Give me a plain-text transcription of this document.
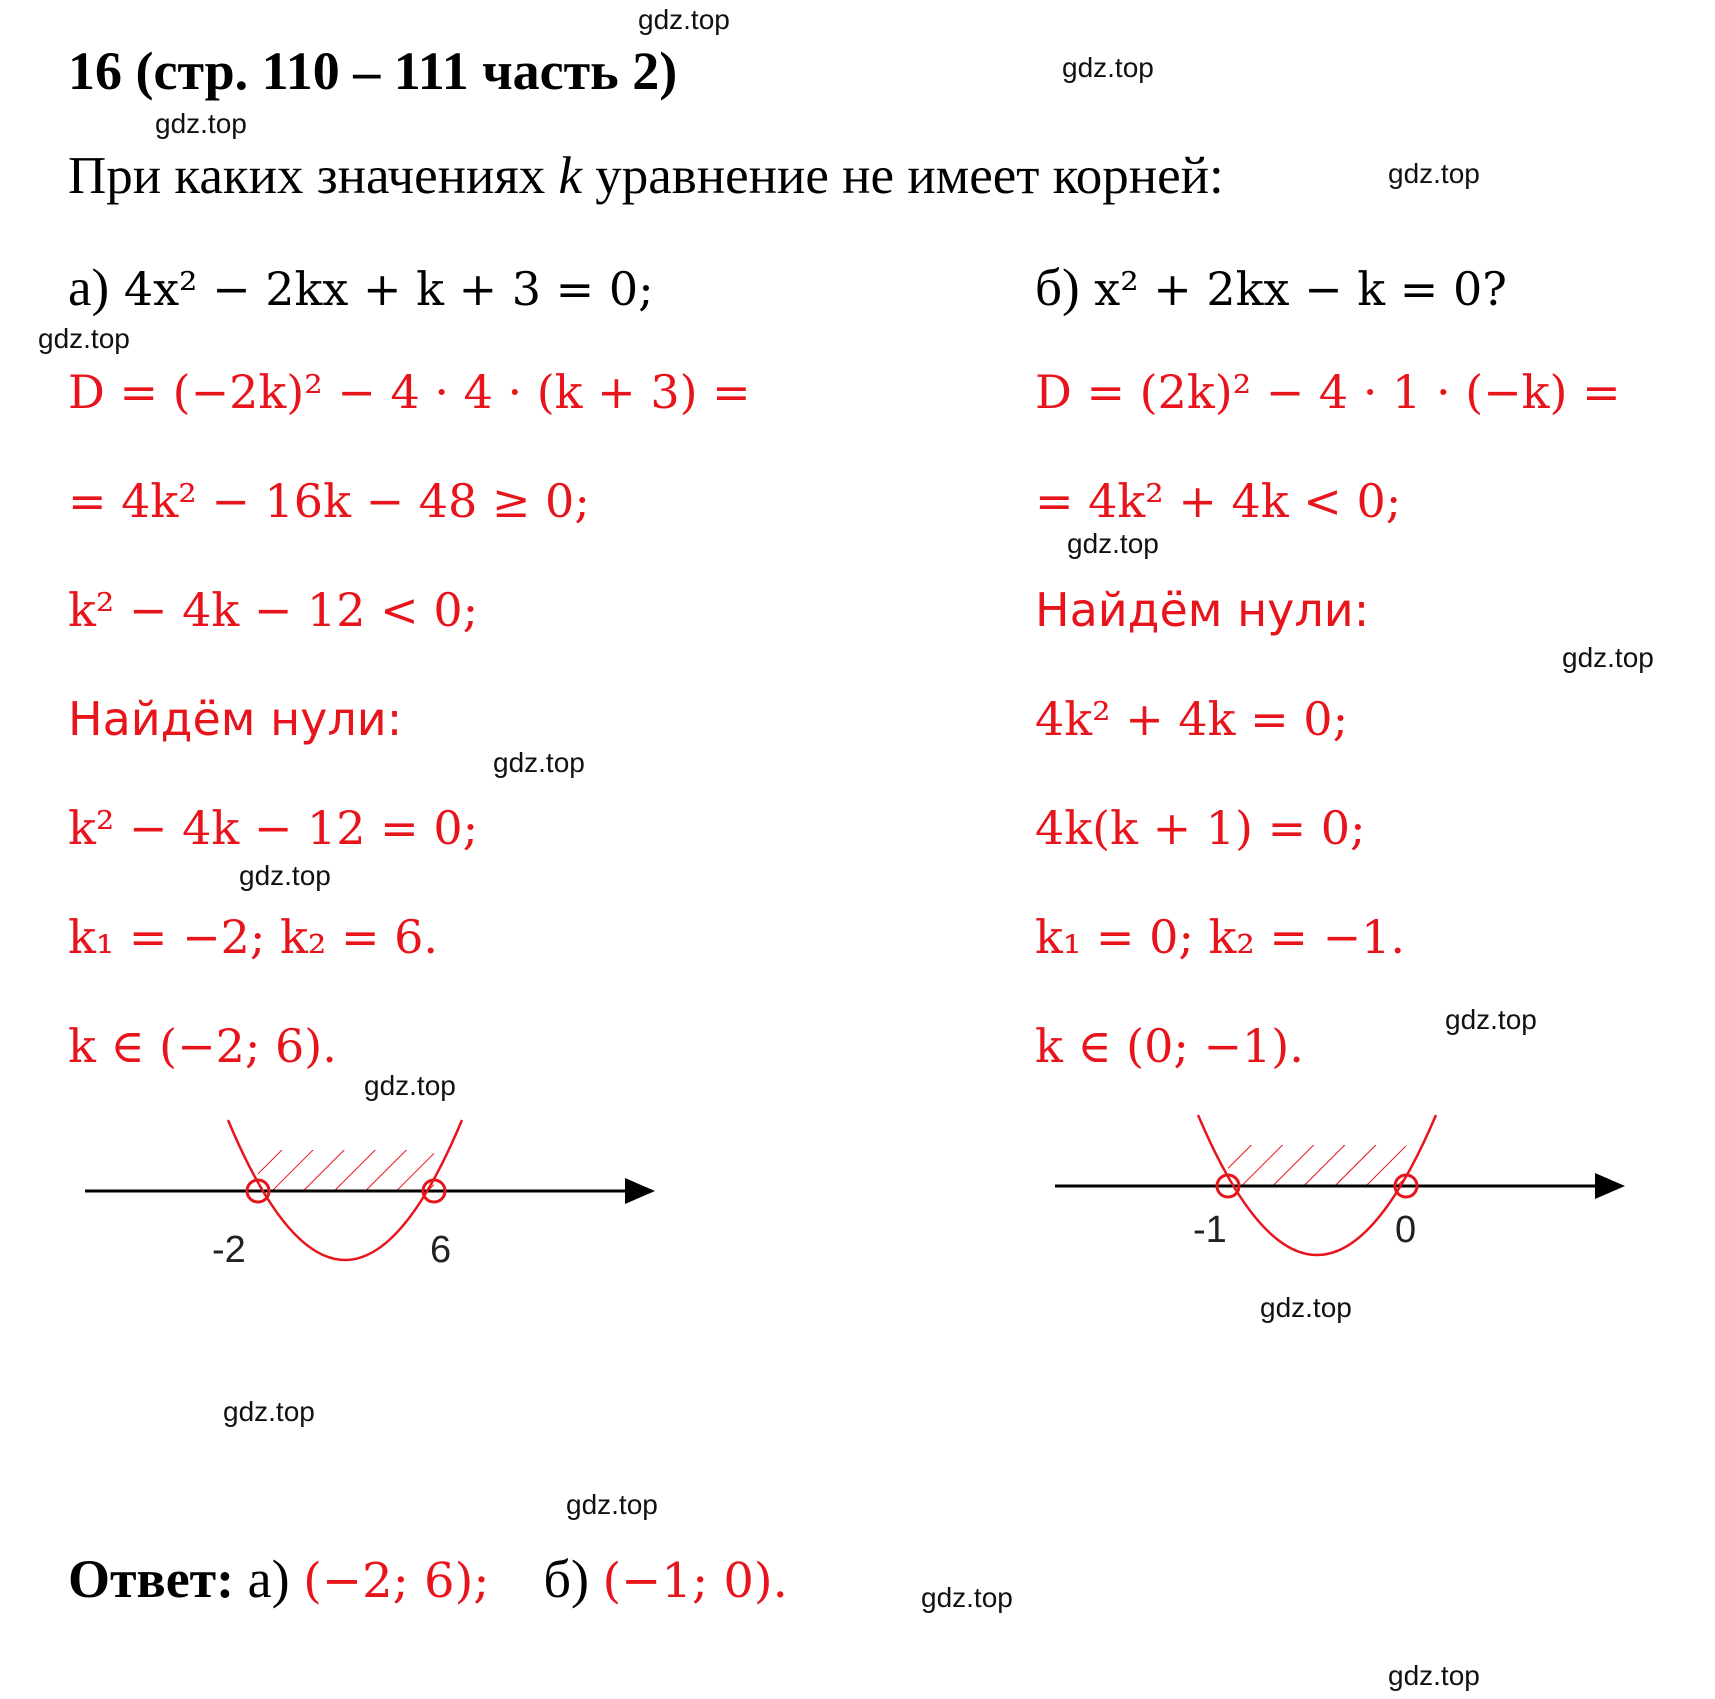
16 (стр. 110 – 111 часть 2)
При каких значениях k уравнение не имеет корней:
а) 4x² − 2kx + k + 3 = 0;	б) x² + 2kx − k = 0?
D = (−2k)² − 4 · 4 · (k + 3) =
= 4k² − 16k − 48 ≥ 0;
k² − 4k − 12 < 0;
Найдём нули:
k² − 4k − 12 = 0;
k₁ = −2; k₂ = 6.
k ∈ (−2; 6).
D = (2k)² − 4 · 1 · (−k) =
= 4k² + 4k < 0;
Найдём нули:
4k² + 4k = 0;
4k(k + 1) = 0;
k₁ = 0; k₂ = −1.
k ∈ (0; −1).
-2	6	-1	0
Ответ: а) (−2; 6); б) (−1; 0).
gdz.top
gdz.top
gdz.top
gdz.top
gdz.top
gdz.top
gdz.top
gdz.top
gdz.top
gdz.top
gdz.top
gdz.top
gdz.top
gdz.top
gdz.top
gdz.top
